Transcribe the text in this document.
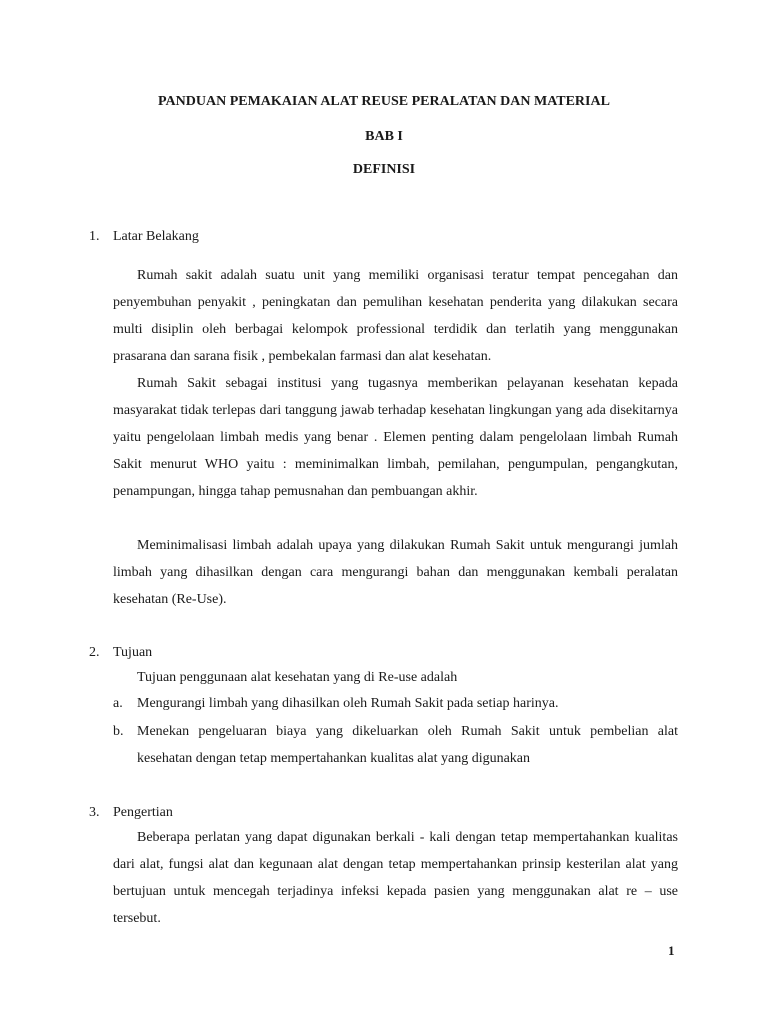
PANDUAN PEMAKAIAN ALAT REUSE PERALATAN DAN MATERIAL
BAB I
DEFINISI
1. Latar Belakang
Rumah sakit adalah suatu unit yang memiliki organisasi teratur tempat pencegahan dan penyembuhan penyakit , peningkatan dan pemulihan kesehatan penderita yang dilakukan secara multi disiplin oleh berbagai kelompok professional terdidik dan terlatih yang menggunakan prasarana dan sarana fisik , pembekalan farmasi dan alat kesehatan.
Rumah Sakit sebagai institusi yang tugasnya memberikan pelayanan kesehatan kepada masyarakat tidak terlepas dari tanggung jawab terhadap kesehatan lingkungan yang ada disekitarnya yaitu pengelolaan limbah medis yang benar . Elemen penting dalam pengelolaan limbah Rumah Sakit menurut WHO yaitu : meminimalkan limbah, pemilahan, pengumpulan, pengangkutan, penampungan, hingga tahap pemusnahan dan pembuangan akhir.
Meminimalisasi limbah adalah upaya yang dilakukan Rumah Sakit untuk mengurangi jumlah limbah yang dihasilkan dengan cara mengurangi bahan dan menggunakan kembali peralatan kesehatan (Re-Use).
2. Tujuan
Tujuan penggunaan alat kesehatan yang di Re-use adalah
a. Mengurangi limbah yang dihasilkan oleh Rumah Sakit pada setiap harinya.
b. Menekan pengeluaran biaya yang dikeluarkan oleh Rumah Sakit untuk pembelian alat kesehatan dengan tetap mempertahankan kualitas alat yang digunakan
3. Pengertian
Beberapa perlatan yang dapat digunakan berkali - kali dengan tetap mempertahankan kualitas dari alat, fungsi alat dan kegunaan alat dengan tetap mempertahankan prinsip kesterilan alat yang bertujuan untuk mencegah terjadinya infeksi kepada pasien yang menggunakan alat re – use tersebut.
1
